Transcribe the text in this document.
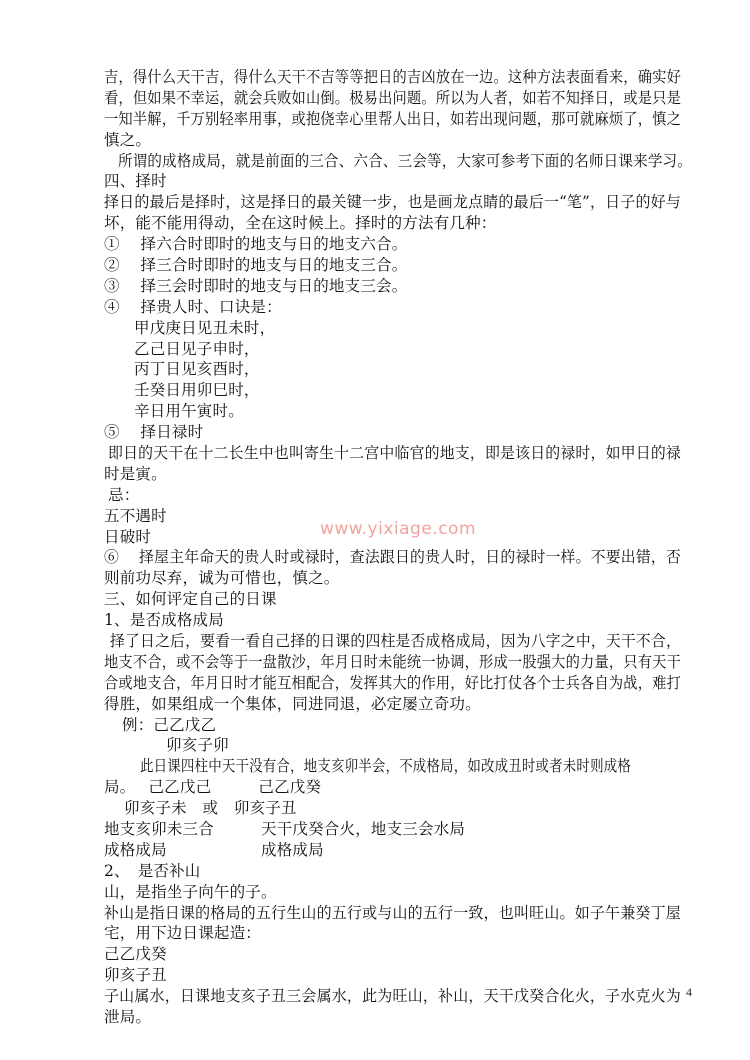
吉，得什么天干吉，得什么天干不吉等等把日的吉凶放在一边。这种方法表面看来，确实好
看，但如果不幸运，就会兵败如山倒。极易出问题。所以为人者，如若不知择日，或是只是
一知半解，千万别轻率用事，或抱侥幸心里帮人出日，如若出现问题，那可就麻烦了，慎之
慎之。
所谓的成格成局，就是前面的三合、六合、三会等，大家可参考下面的名师日课来学习。
四、择时
择日的最后是择时，这是择日的最关键一步，也是画龙点睛的最后一“笔”，日子的好与
坏，能不能用得动，全在这时候上。择时的方法有几种：
①　 择六合时即时的地支与日的地支六合。
②　 择三合时即时的地支与日的地支三合。
③　 择三会时即时的地支与日的地支三会。
④　 择贵人时、口诀是：
甲戊庚日见丑未时，
乙己日见子申时，
丙丁日见亥酉时，
壬癸日用卯巳时，
辛日用午寅时。
⑤　 择日禄时
即日的天干在十二长生中也叫寄生十二宫中临官的地支，即是该日的禄时，如甲日的禄
时是寅。
忌：
五不遇时
日破时
⑥　 择屋主年命天的贵人时或禄时，查法跟日的贵人时，日的禄时一样。不要出错，否
则前功尽弃，诚为可惜也，慎之。
三、如何评定自己的日课
1、是否成格成局
择了日之后，要看一看自己择的日课的四柱是否成格成局，因为八字之中，天干不合，
地支不合，或不会等于一盘散沙，年月日时未能统一协调，形成一股强大的力量，只有天干
合或地支合，年月日时才能互相配合，发挥其大的作用，好比打仗各个士兵各自为战，难打
得胜，如果组成一个集体，同进同退，必定屡立奇功。
例：己乙戊乙
卯亥子卯
此日课四柱中天干没有合，地支亥卯半会，不成格局，如改成丑时或者未时则成格
局。　 己乙戊己　　　己乙戊癸
卯亥子未　或　卯亥子丑
地支亥卯未三合　　　天干戊癸合火，地支三会水局
成格成局　　　　　　成格成局
2、　是否补山
山，是指坐子向午的子。
补山是指日课的格局的五行生山的五行或与山的五行一致，也叫旺山。如子午兼癸丁屋
宅，用下边日课起造：
己乙戊癸
卯亥子丑
子山属水，日课地支亥子丑三会属水，此为旺山，补山，天干戊癸合化火，子水克火为
泄局。
www.yixiage.com
4
